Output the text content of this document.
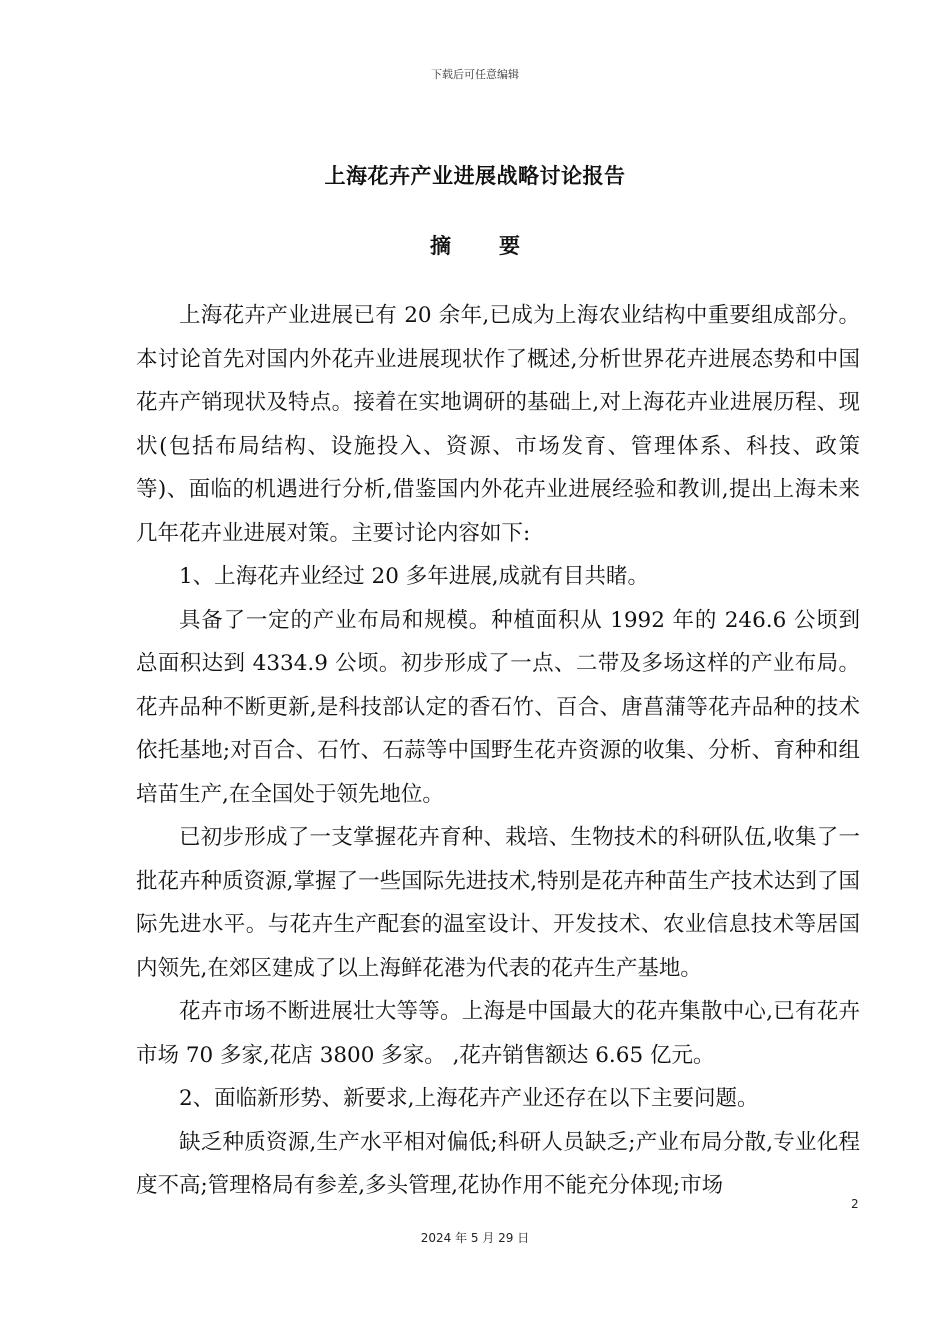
下载后可任意编辑
上海花卉产业进展战略讨论报告
摘 要

上海花卉产业进展已有 20 余年,已成为上海农业结构中重要组成部分。本讨论首先对国内外花卉业进展现状作了概述,分析世界花卉进展态势和中国花卉产销现状及特点。接着在实地调研的基础上,对上海花卉业进展历程、现状(包括布局结构、设施投入、资源、市场发育、管理体系、科技、政策等)、面临的机遇进行分析,借鉴国内外花卉业进展经验和教训,提出上海未来几年花卉业进展对策。主要讨论内容如下:

1、上海花卉业经过 20 多年进展,成就有目共睹。

具备了一定的产业布局和规模。种植面积从 1992 年的 246.6 公顷到 总面积达到 4334.9 公顷。初步形成了一点、二带及多场这样的产业布局。花卉品种不断更新,是科技部认定的香石竹、百合、唐菖蒲等花卉品种的技术依托基地;对百合、石竹、石蒜等中国野生花卉资源的收集、分析、育种和组培苗生产,在全国处于领先地位。

已初步形成了一支掌握花卉育种、栽培、生物技术的科研队伍,收集了一批花卉种质资源,掌握了一些国际先进技术,特别是花卉种苗生产技术达到了国际先进水平。与花卉生产配套的温室设计、开发技术、农业信息技术等居国内领先,在郊区建成了以上海鲜花港为代表的花卉生产基地。

花卉市场不断进展壮大等等。上海是中国最大的花卉集散中心,已有花卉市场 70 多家,花店 3800 多家。 ,花卉销售额达 6.65 亿元。

2、面临新形势、新要求,上海花卉产业还存在以下主要问题。

缺乏种质资源,生产水平相对偏低;科研人员缺乏;产业布局分散,专业化程度不高;管理格局有参差,多头管理,花协作用不能充分体现;市场

2
2024 年 5 月 29 日
